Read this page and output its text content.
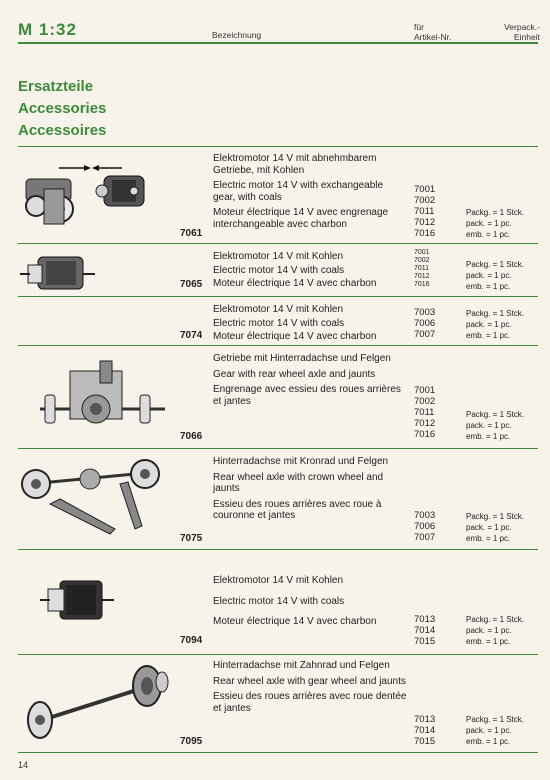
M 1:32	Bezeichnung
für
Artikel-Nr.
Verpack.-
Einheit
Ersatzteile
Accessories
Accessoires

Elektromotor 14 V mit abnehmbarem Getriebe, mit Kohlen

Electric motor 14 V with exchangeable gear, with coals

Moteur électrique 14 V avec engrenage interchangeable avec charbon

7061
7001
7002
7011
7012
7016
Packg. = 1 Stck.
pack. = 1 pc.
emb. = 1 pc.

Elektromotor 14 V mit Kohlen

Electric motor 14 V with coals

Moteur électrique 14 V avec charbon

7065
7001
7002
7011
7012
7016
Packg. = 1 Stck.
pack. = 1 pc.
emb. = 1 pc.

Elektromotor 14 V mit Kohlen

Electric motor 14 V with coals

Moteur électrique 14 V avec charbon

7074
7003
7006
7007
Packg. = 1 Stck.
pack. = 1 pc.
emb. = 1 pc.

Getriebe mit Hinterradachse und Felgen

Gear with rear wheel axle and jaunts

Engrenage avec essieu des roues arrières et jantes

7066
7001
7002
7011
7012
7016
Packg. = 1 Stck.
pack. = 1 pc.
emb. = 1 pc.

Hinterradachse mit Kronrad und Felgen

Rear wheel axle with crown wheel and jaunts

Essieu des roues arrières avec roue à couronne et jantes

7075
7003
7006
7007
Packg. = 1 Stck.
pack. = 1 pc.
emb. = 1 pc.

Elektromotor 14 V mit Kohlen

Electric motor 14 V with coals

Moteur électrique 14 V avec charbon

7094
7013
7014
7015
Packg. = 1 Stck.
pack. = 1 pc.
emb. = 1 pc.

Hinterradachse mit Zahnrad und Felgen

Rear wheel axle with gear wheel and jaunts

Essieu des roues arrières avec roue dentée et jantes

7095
7013
7014
7015
Packg. = 1 Stck.
pack. = 1 pc.
emb. = 1 pc.
14
